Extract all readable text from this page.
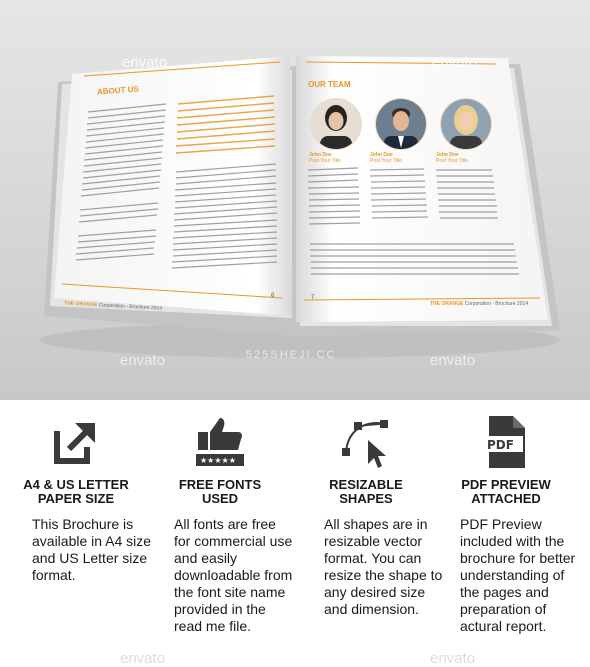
ABOUT US
OUR TEAM
John Doe
Post Your Title
John Doe
Post Your Title
John Doe
Post Your Title
6	7
THE ORANGE Corporation - Brochure 2014	THE ORANGE Corporation - Brochure 2014
envato	envato
envato	envato
525SHEJI.CC
A4 & US LETTER
PAPER SIZE
This Brochure is available in A4 size and US Letter size format.
★★★★★
FREE FONTS
USED
All fonts are free for commercial use and easily downloadable from the font site name provided in the read me file.
RESIZABLE
SHAPES
All shapes are in resizable vector format. You can resize the shape to any desired size and dimension.
PDF
PDF PREVIEW
ATTACHED
PDF Preview included with the brochure for better understanding of the pages and preparation of actural report.
envato	envato
